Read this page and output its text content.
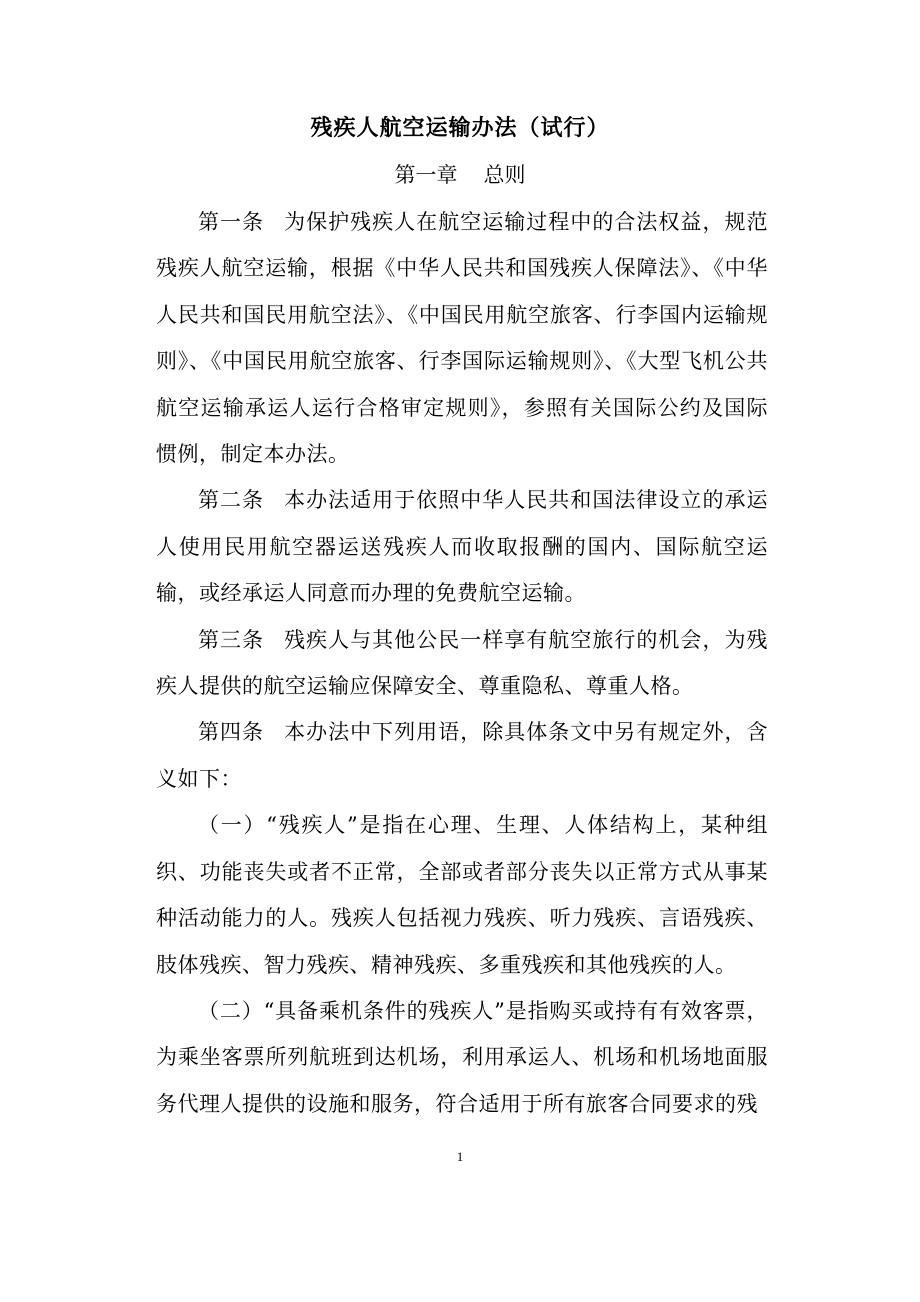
残疾人航空运输办法（试行）
第一章 总则

第一条 为保护残疾人在航空运输过程中的合法权益，规范残疾人航空运输，根据《中华人民共和国残疾人保障法》、《中华人民共和国民用航空法》、《中国民用航空旅客、行李国内运输规则》、《中国民用航空旅客、行李国际运输规则》、《大型飞机公共航空运输承运人运行合格审定规则》，参照有关国际公约及国际惯例，制定本办法。

第二条 本办法适用于依照中华人民共和国法律设立的承运人使用民用航空器运送残疾人而收取报酬的国内、国际航空运输，或经承运人同意而办理的免费航空运输。

第三条 残疾人与其他公民一样享有航空旅行的机会，为残疾人提供的航空运输应保障安全、尊重隐私、尊重人格。

第四条 本办法中下列用语，除具体条文中另有规定外，含义如下：

（一）“残疾人”是指在心理、生理、人体结构上，某种组织、功能丧失或者不正常，全部或者部分丧失以正常方式从事某种活动能力的人。残疾人包括视力残疾、听力残疾、言语残疾、肢体残疾、智力残疾、精神残疾、多重残疾和其他残疾的人。

（二）“具备乘机条件的残疾人”是指购买或持有有效客票，为乘坐客票所列航班到达机场，利用承运人、机场和机场地面服务代理人提供的设施和服务，符合适用于所有旅客合同要求的残

1
